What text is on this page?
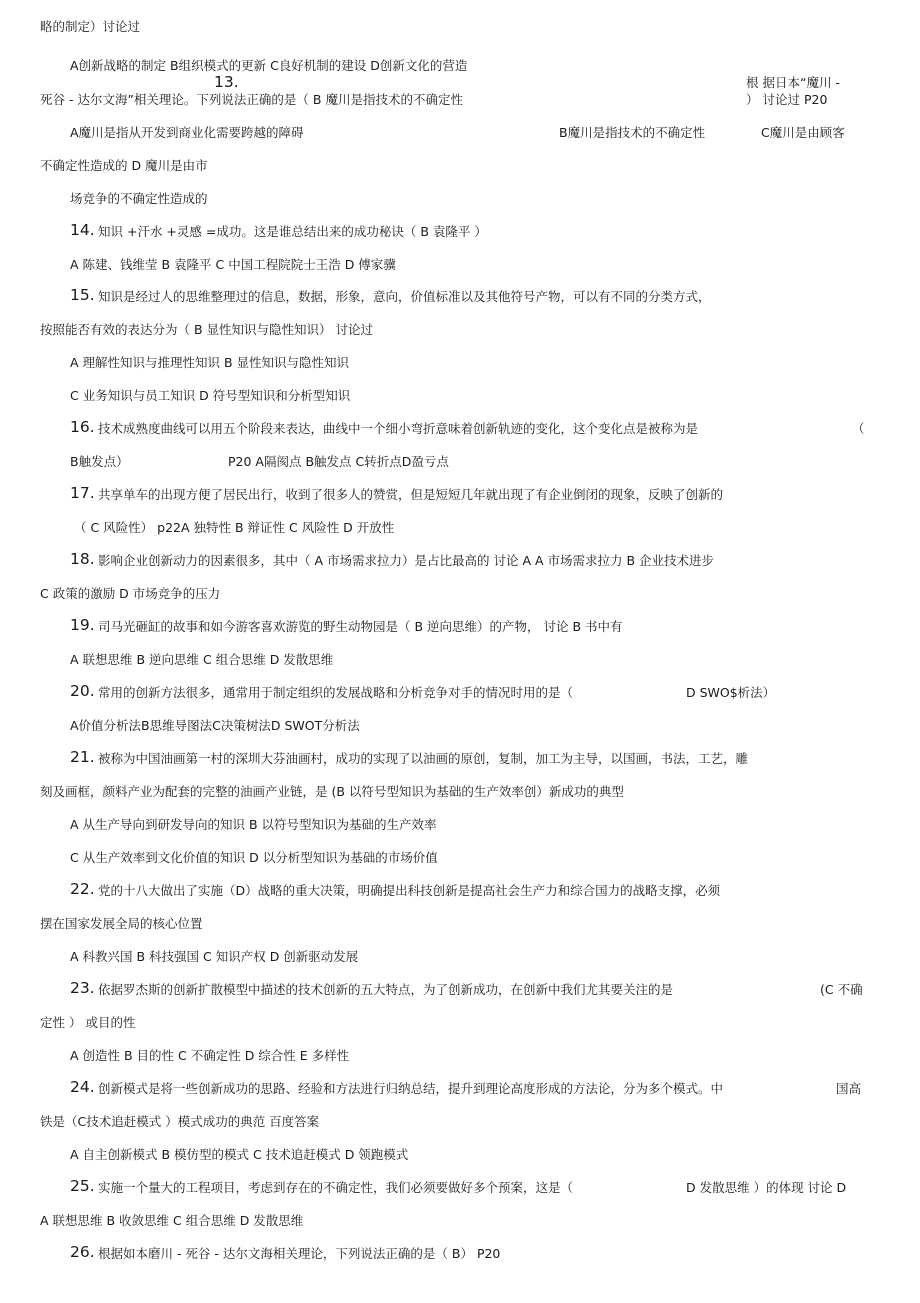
略的制定）讨论过
A创新战略的制定 B组织模式的更新 C良好机制的建设 D创新文化的营造
13.	根 据日本“魔川 -
死谷 - 达尔文海”相关理论。下列说法正确的是（ B 魔川是指技术的不确定性	） 讨论过 P20
A魔川是指从开发到商业化需要跨越的障碍	B魔川是指技术的不确定性	C魔川是由顾客
不确定性造成的 D 魔川是由市
场竞争的不确定性造成的
14. 知识 +汗水 +灵感 =成功。这是谁总结出来的成功秘诀（ B 袁隆平 ）
A 陈建、钱维莹 B 袁隆平 C 中国工程院院士王浩 D 傅家骥
15. 知识是经过人的思维整理过的信息，数据，形象，意向，价值标准以及其他符号产物，可以有不同的分类方式，
按照能否有效的表达分为（ B 显性知识与隐性知识） 讨论过
A 理解性知识与推理性知识 B 显性知识与隐性知识
C 业务知识与员工知识 D 符号型知识和分析型知识
16. 技术成熟度曲线可以用五个阶段来表达，曲线中一个细小弯折意味着创新轨迹的变化，这个变化点是被称为是	（
B触发点）	P20 A隔阂点 B触发点 C转折点D盈亏点
17. 共享单车的出现方便了居民出行，收到了很多人的赞赏，但是短短几年就出现了有企业倒闭的现象，反映了创新的
（ C 风险性） p22A 独特性 B 辩证性 C 风险性 D 开放性
18. 影响企业创新动力的因素很多，其中（ A 市场需求拉力）是占比最高的 讨论 A A 市场需求拉力 B 企业技术进步
C 政策的激励 D 市场竞争的压力
19. 司马光砸缸的故事和如今游客喜欢游览的野生动物园是（ B 逆向思维）的产物， 讨论 B 书中有
A 联想思维 B 逆向思维 C 组合思维 D 发散思维
20. 常用的创新方法很多，通常用于制定组织的发展战略和分析竞争对手的情况时用的是（	D SWO$析法）
A价值分析法B思维导图法C决策树法D SWOT分析法
21. 被称为中国油画第一村的深圳大芬油画村，成功的实现了以油画的原创，复制，加工为主导，以国画，书法，工艺，雕
刻及画框，颜料产业为配套的完整的油画产业链，是 (B 以符号型知识为基础的生产效率创）新成功的典型
A 从生产导向到研发导向的知识 B 以符号型知识为基础的生产效率
C 从生产效率到文化价值的知识 D 以分析型知识为基础的市场价值
22. 党的十八大做出了实施（D）战略的重大决策，明确提出科技创新是提高社会生产力和综合国力的战略支撑，必须
摆在国家发展全局的核心位置
A 科教兴国 B 科技强国 C 知识产权 D 创新驱动发展
23. 依据罗杰斯的创新扩散模型中描述的技术创新的五大特点，为了创新成功，在创新中我们尤其要关注的是	(C 不确
定性 ） 或目的性
A 创造性 B 目的性 C 不确定性 D 综合性 E 多样性
24. 创新模式是将一些创新成功的思路、经验和方法进行归纳总结，提升到理论高度形成的方法论，分为多个模式。中	国高
铁是（C技术追赶模式 ）模式成功的典范 百度答案
A 自主创新模式 B 模仿型的模式 C 技术追赶模式 D 领跑模式
25. 实施一个量大的工程项目，考虑到存在的不确定性，我们必须要做好多个预案，这是（	D 发散思维 ）的体现 讨论 D
A 联想思维 B 收敛思维 C 组合思维 D 发散思维
26. 根据如本磨川 - 死谷 - 达尔文海相关理论，下列说法正确的是（ B） P20
